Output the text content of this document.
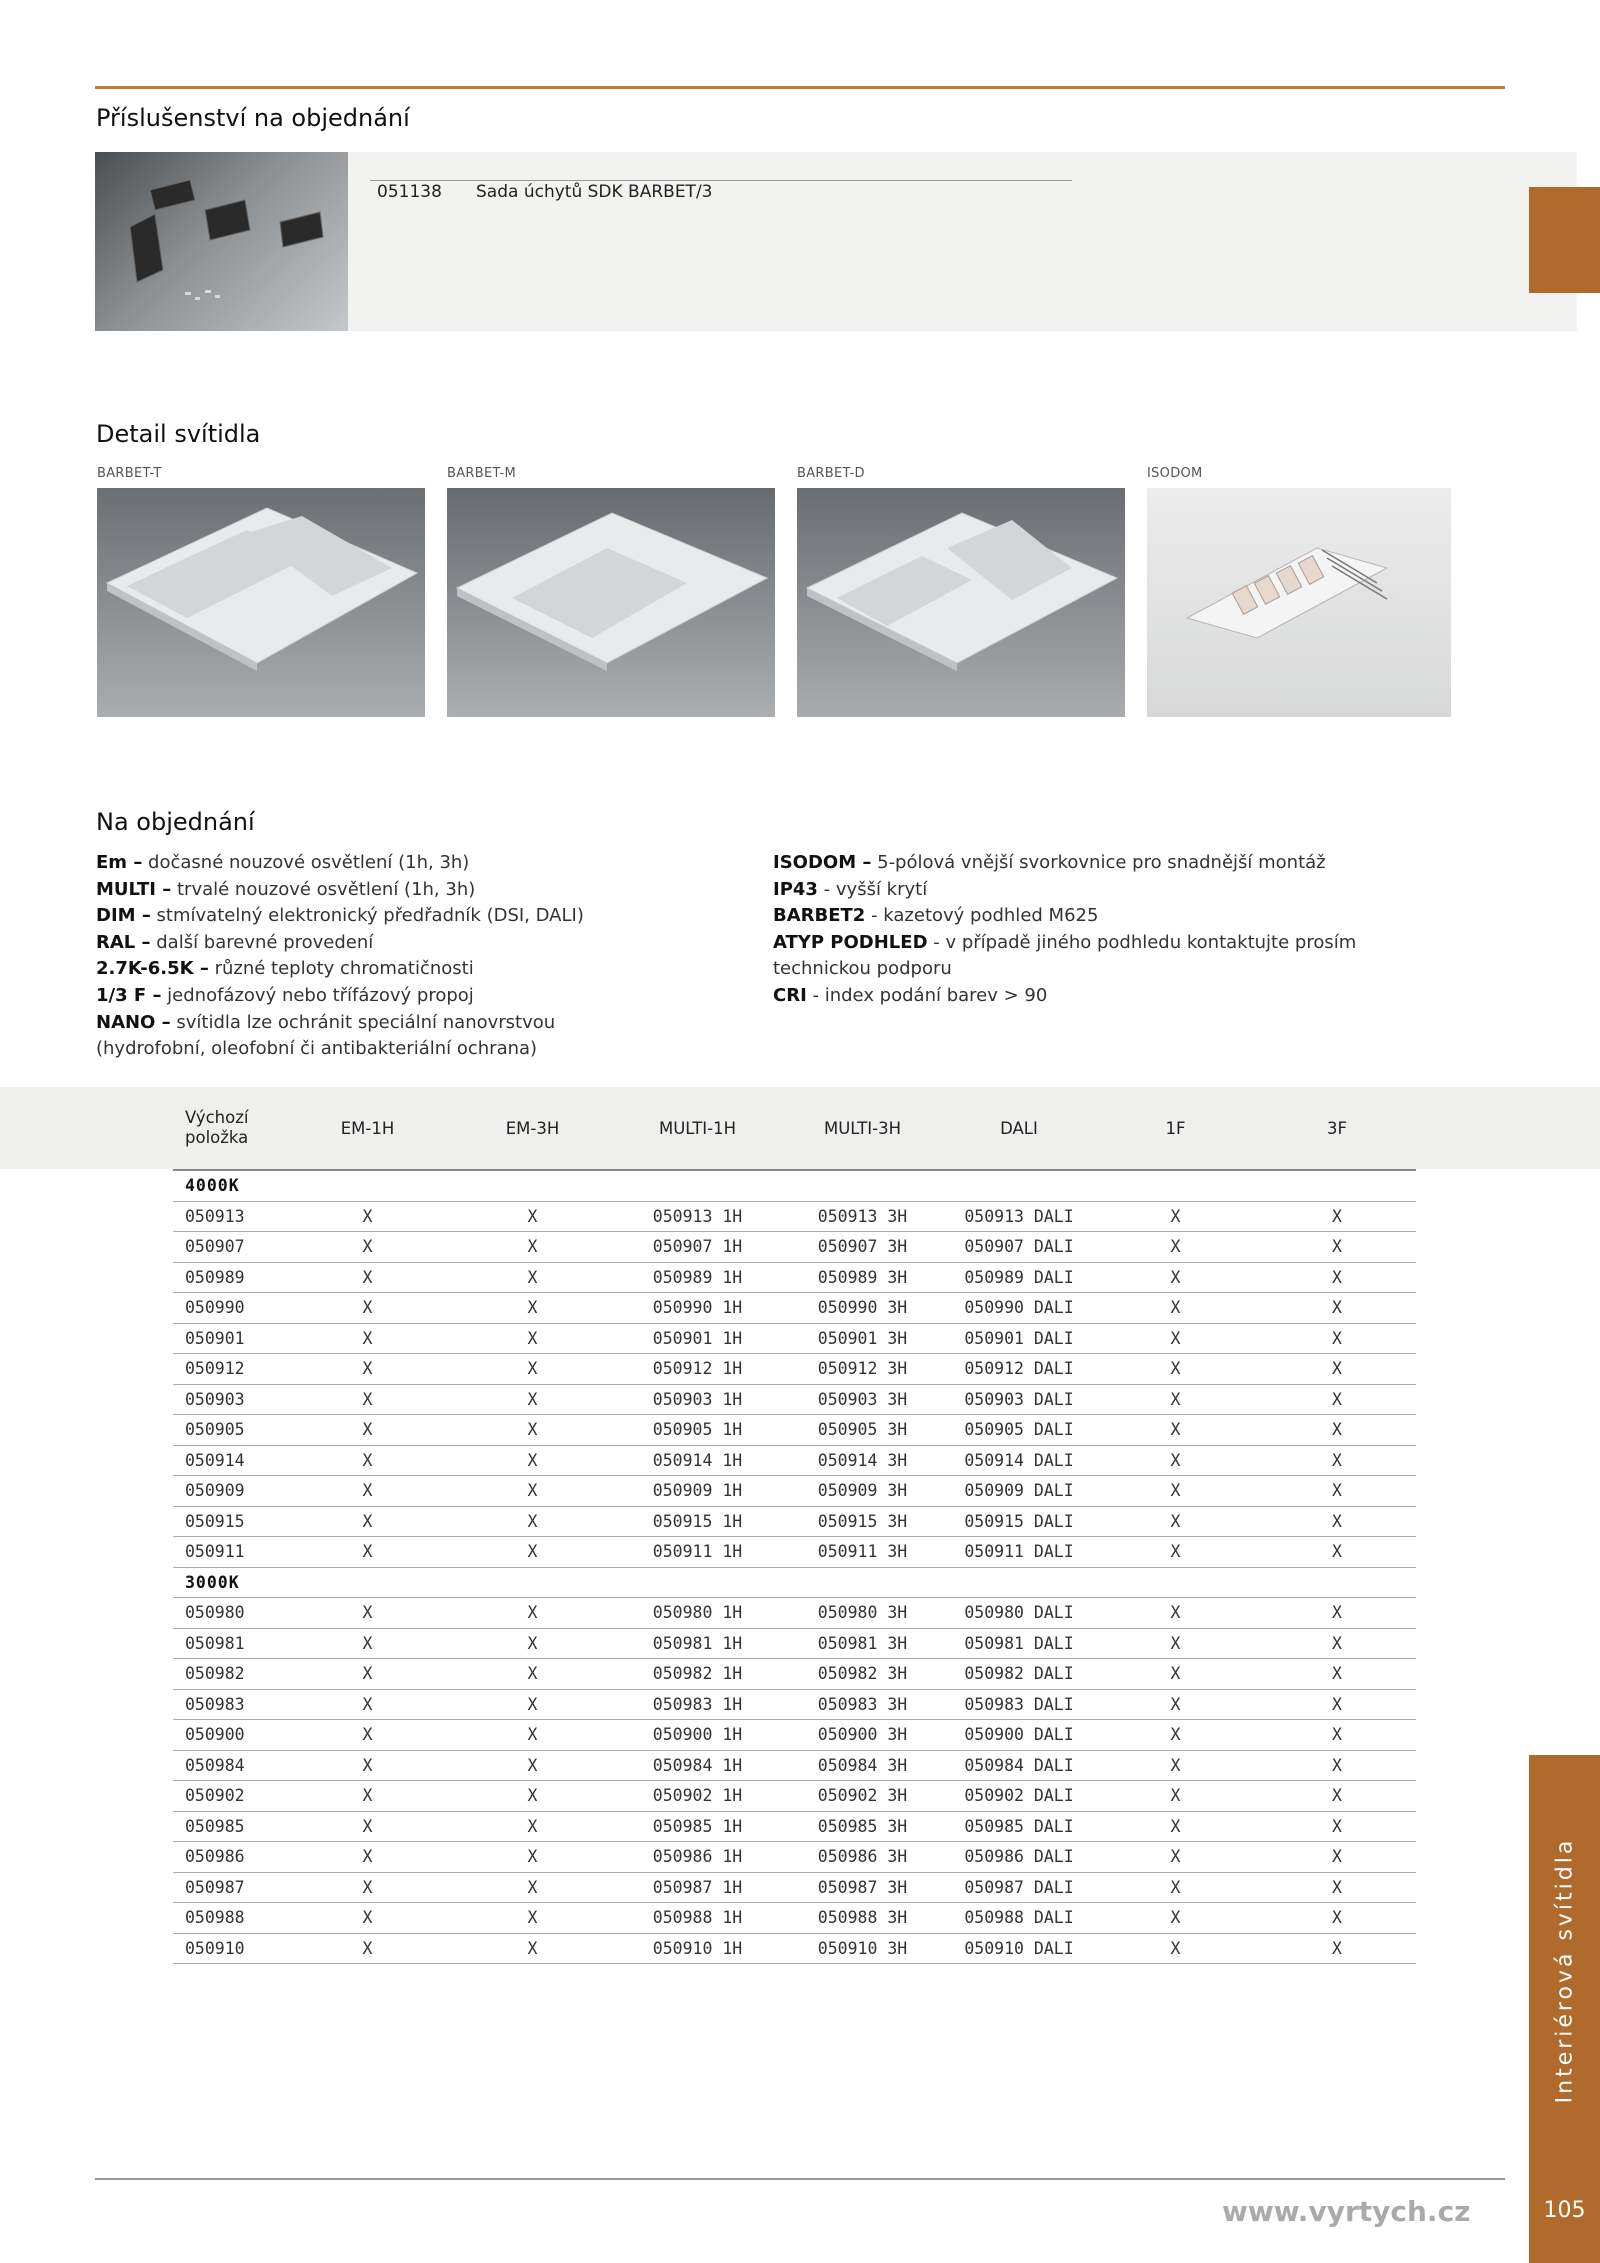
Příslušenství na objednání
051138 Sada úchytů SDK BARBET/3
Detail svítidla
BARBET-T	BARBET-M	BARBET-D	ISODOM
Na objednání
Em – dočasné nouzové osvětlení (1h, 3h)
MULTI – trvalé nouzové osvětlení (1h, 3h)
DIM – stmívatelný elektronický předřadník (DSI, DALI)
RAL – další barevné provedení
2.7K-6.5K – různé teploty chromatičnosti
1/3 F – jednofázový nebo třífázový propoj
NANO – svítidla lze ochránit speciální nanovrstvou
(hydrofobní, oleofobní či antibakteriální ochrana)
ISODOM – 5-pólová vnější svorkovnice pro snadnější montáž
IP43 - vyšší krytí
BARBET2 - kazetový podhled M625
ATYP PODHLED - v případě jiného podhledu kontaktujte prosím
technickou podporu
CRI - index podání barev > 90
Výchozí
položka	EM-1H	EM-3H	MULTI-1H	MULTI-3H	DALI	1F	3F
4000K							
050913	X	X	050913 1H	050913 3H	050913 DALI	X	X
050907	X	X	050907 1H	050907 3H	050907 DALI	X	X
050989	X	X	050989 1H	050989 3H	050989 DALI	X	X
050990	X	X	050990 1H	050990 3H	050990 DALI	X	X
050901	X	X	050901 1H	050901 3H	050901 DALI	X	X
050912	X	X	050912 1H	050912 3H	050912 DALI	X	X
050903	X	X	050903 1H	050903 3H	050903 DALI	X	X
050905	X	X	050905 1H	050905 3H	050905 DALI	X	X
050914	X	X	050914 1H	050914 3H	050914 DALI	X	X
050909	X	X	050909 1H	050909 3H	050909 DALI	X	X
050915	X	X	050915 1H	050915 3H	050915 DALI	X	X
050911	X	X	050911 1H	050911 3H	050911 DALI	X	X
3000K							
050980	X	X	050980 1H	050980 3H	050980 DALI	X	X
050981	X	X	050981 1H	050981 3H	050981 DALI	X	X
050982	X	X	050982 1H	050982 3H	050982 DALI	X	X
050983	X	X	050983 1H	050983 3H	050983 DALI	X	X
050900	X	X	050900 1H	050900 3H	050900 DALI	X	X
050984	X	X	050984 1H	050984 3H	050984 DALI	X	X
050902	X	X	050902 1H	050902 3H	050902 DALI	X	X
050985	X	X	050985 1H	050985 3H	050985 DALI	X	X
050986	X	X	050986 1H	050986 3H	050986 DALI	X	X
050987	X	X	050987 1H	050987 3H	050987 DALI	X	X
050988	X	X	050988 1H	050988 3H	050988 DALI	X	X
050910	X	X	050910 1H	050910 3H	050910 DALI	X	X	Interiérová svítidla
105
www.vyrtych.cz
